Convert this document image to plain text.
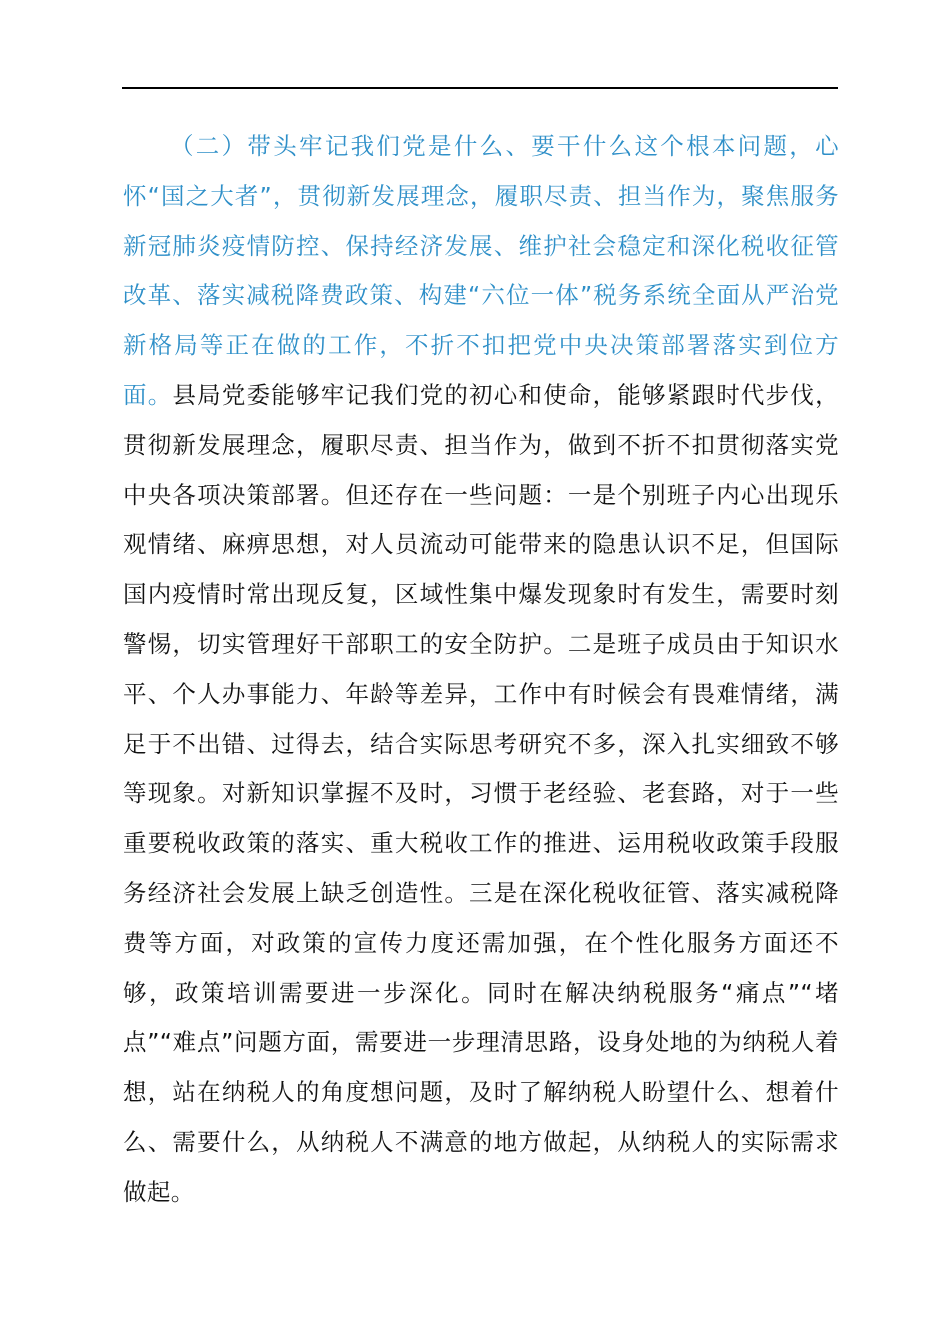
（二）带头牢记我们党是什么、要干什么这个根本问题，心怀“国之大者”，贯彻新发展理念，履职尽责、担当作为，聚焦服务新冠肺炎疫情防控、保持经济发展、维护社会稳定和深化税收征管改革、落实减税降费政策、构建“六位一体”税务系统全面从严治党新格局等正在做的工作，不折不扣把党中央决策部署落实到位方面。县局党委能够牢记我们党的初心和使命，能够紧跟时代步伐，贯彻新发展理念，履职尽责、担当作为，做到不折不扣贯彻落实党中央各项决策部署。但还存在一些问题：一是个别班子内心出现乐观情绪、麻痹思想，对人员流动可能带来的隐患认识不足，但国际国内疫情时常出现反复，区域性集中爆发现象时有发生，需要时刻警惕，切实管理好干部职工的安全防护。二是班子成员由于知识水平、个人办事能力、年龄等差异，工作中有时候会有畏难情绪，满足于不出错、过得去，结合实际思考研究不多，深入扎实细致不够等现象。对新知识掌握不及时，习惯于老经验、老套路，对于一些重要税收政策的落实、重大税收工作的推进、运用税收政策手段服务经济社会发展上缺乏创造性。三是在深化税收征管、落实减税降费等方面，对政策的宣传力度还需加强，在个性化服务方面还不够，政策培训需要进一步深化。同时在解决纳税服务“痛点”“堵点”“难点”问题方面，需要进一步理清思路，设身处地的为纳税人着想，站在纳税人的角度想问题，及时了解纳税人盼望什么、想着什么、需要什么，从纳税人不满意的地方做起，从纳税人的实际需求做起。
